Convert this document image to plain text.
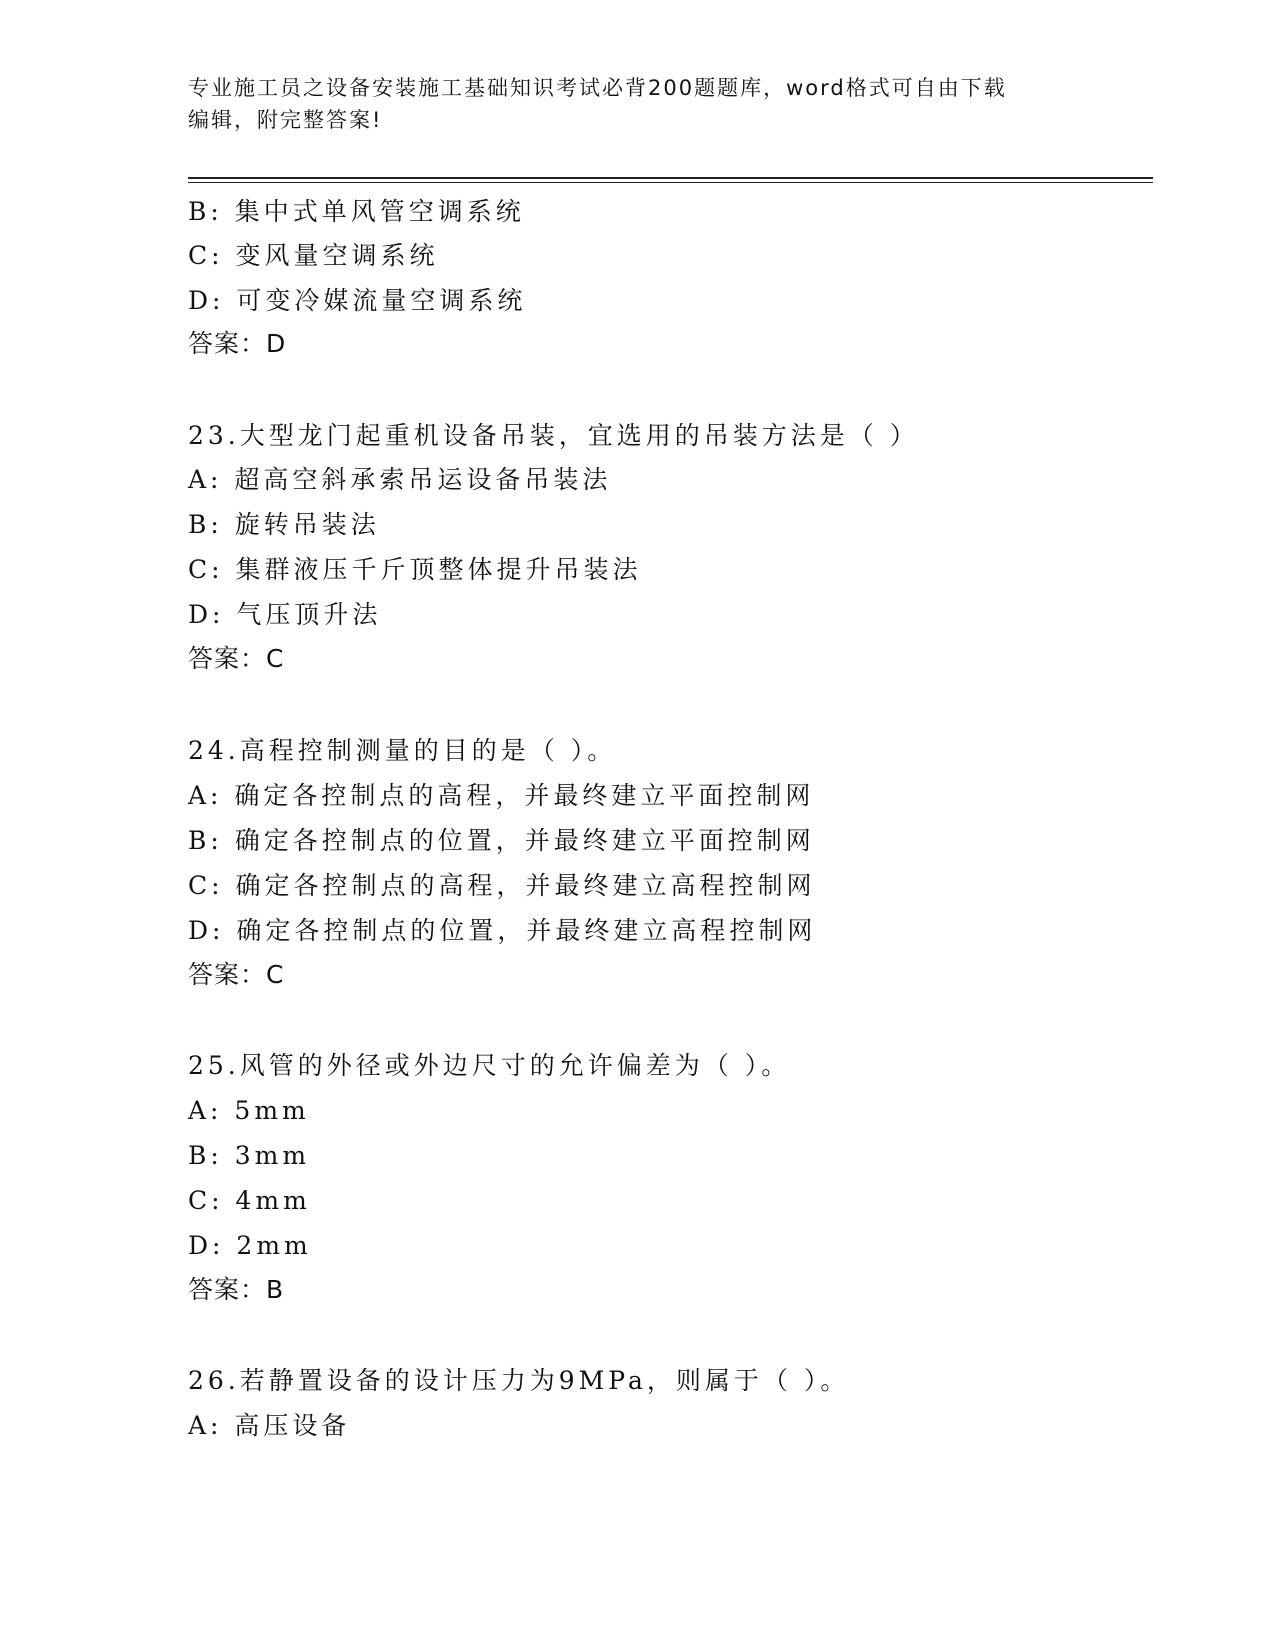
专业施工员之设备安装施工基础知识考试必背200题题库，word格式可自由下载
编辑，附完整答案!
B: 集中式单风管空调系统
C: 变风量空调系统
D: 可变冷媒流量空调系统
答案：D
23.大型龙门起重机设备吊装，宜选用的吊装方法是（ ）
A: 超高空斜承索吊运设备吊装法
B: 旋转吊装法
C: 集群液压千斤顶整体提升吊装法
D: 气压顶升法
答案：C
24.高程控制测量的目的是（ ）。
A: 确定各控制点的高程，并最终建立平面控制网
B: 确定各控制点的位置，并最终建立平面控制网
C: 确定各控制点的高程，并最终建立高程控制网
D: 确定各控制点的位置，并最终建立高程控制网
答案：C
25.风管的外径或外边尺寸的允许偏差为（ ）。
A: 5mm
B: 3mm
C: 4mm
D: 2mm
答案：B
26.若静置设备的设计压力为9MPa，则属于（ ）。
A: 高压设备
